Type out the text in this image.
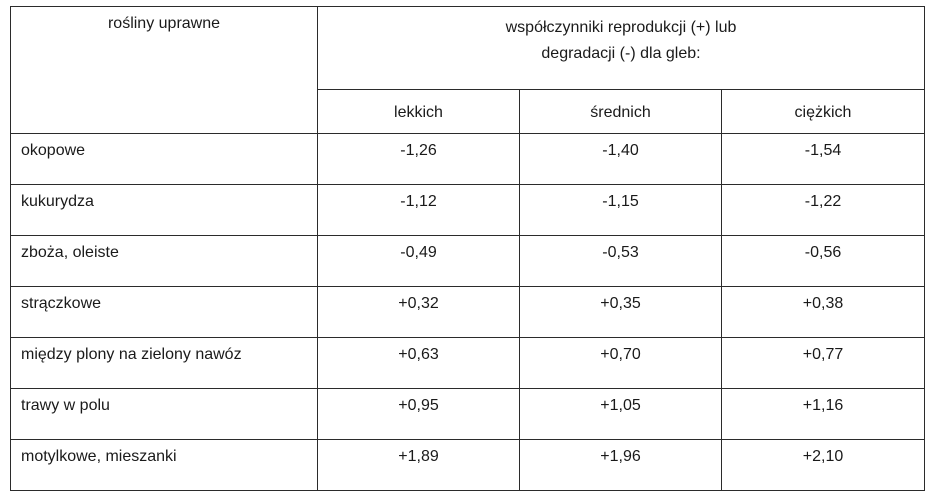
rośliny uprawne	współczynniki reprodukcji (+) lub
degradacji (-) dla gleb:		

	lekkich	średnich	ciężkich
okopowe	-1,26	-1,40	-1,54
kukurydza	-1,12	-1,15	-1,22
zboża, oleiste	-0,49	-0,53	-0,56
strączkowe	+0,32	+0,35	+0,38
między plony na zielony nawóz	+0,63	+0,70	+0,77
trawy w polu	+0,95	+1,05	+1,16
motylkowe, mieszanki	+1,89	+1,96	+2,10
